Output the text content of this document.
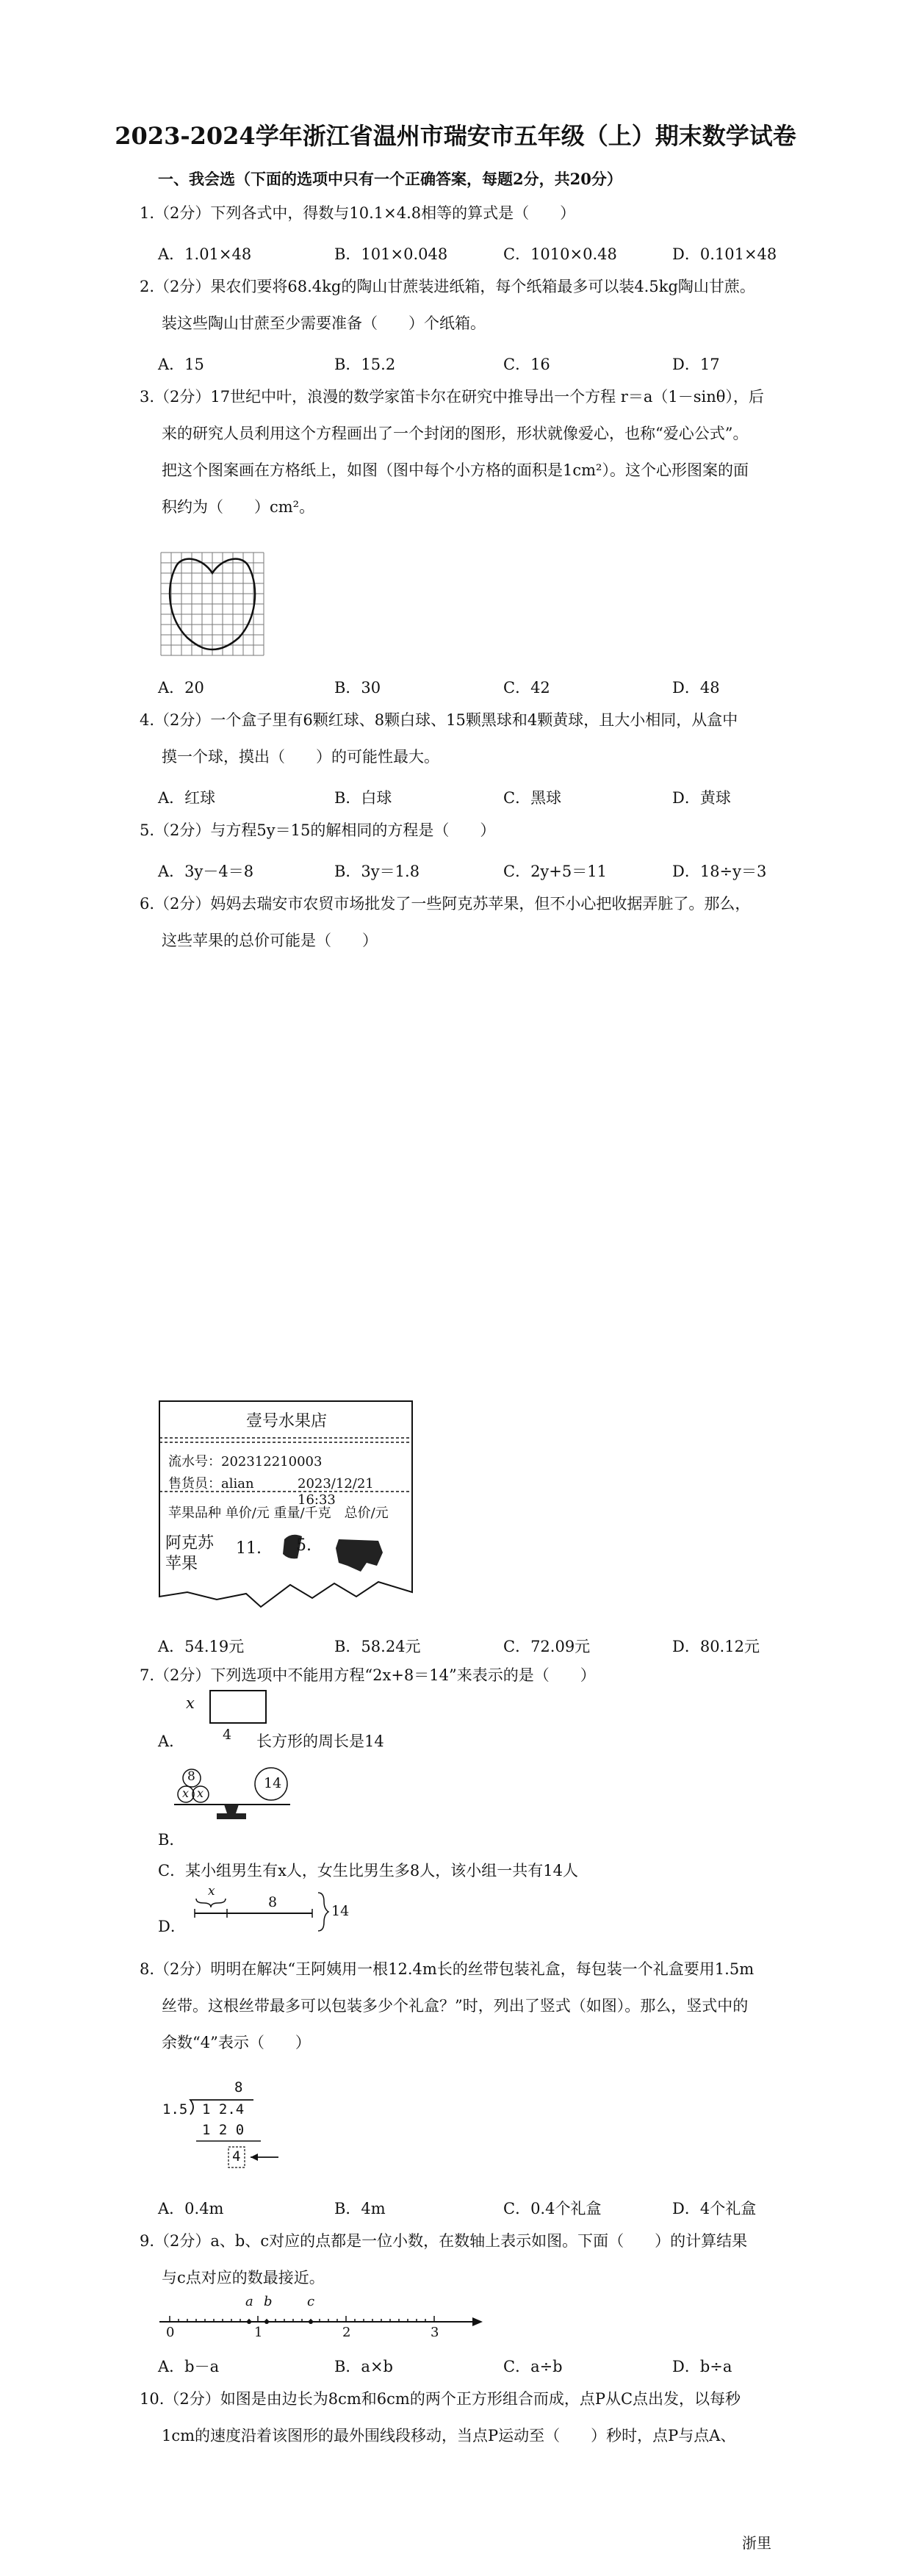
2023-2024学年浙江省温州市瑞安市五年级（上）期末数学试卷
一、我会选（下面的选项中只有一个正确答案，每题2分，共20分）

1.（2分）下列各式中，得数与10.1×4.8相等的算式是（　　）

A．1.01×48	B．101×0.048	C．1010×0.48	D．0.101×48

2.（2分）果农们要将68.4kg的陶山甘蔗装进纸箱，每个纸箱最多可以装4.5kg陶山甘蔗。

装这些陶山甘蔗至少需要准备（　　）个纸箱。

A．15	B．15.2	C．16	D．17

3.（2分）17世纪中叶，浪漫的数学家笛卡尔在研究中推导出一个方程 r＝a（1－sinθ），后

来的研究人员利用这个方程画出了一个封闭的图形，形状就像爱心，也称“爱心公式”。

把这个图案画在方格纸上，如图（图中每个小方格的面积是1cm²）。这个心形图案的面

积约为（　　）cm²。

A．20	B．30	C．42	D．48

4.（2分）一个盒子里有6颗红球、8颗白球、15颗黑球和4颗黄球，且大小相同，从盒中

摸一个球，摸出（　　）的可能性最大。

A．红球	B．白球	C．黑球	D．黄球

5.（2分）与方程5y＝15的解相同的方程是（　　）

A．3y－4＝8	B．3y＝1.8	C．2y+5＝11	D．18÷y＝3

6.（2分）妈妈去瑞安市农贸市场批发了一些阿克苏苹果，但不小心把收据弄脏了。那么，

这些苹果的总价可能是（　　）

壹号水果店
流水号：202312210003
售货员：alian	2023/12/21　16:33
苹果品种 单价/元 重量/千克　总价/元
阿克苏
苹果
11. 5.
A．54.19元	B．58.24元	C．72.09元	D．80.12元

7.（2分）下列选项中不能用方程“2x+8＝14”来表示的是（　　）

x
A．	4 长方形的周长是14
8
x x
14
B．
C．某小组男生有x人，女生比男生多8人，该小组一共有14人
D．
x
8
14

8.（2分）明明在解决“王阿姨用一根12.4m长的丝带包装礼盒，每包装一个礼盒要用1.5m

丝带。这根丝带最多可以包装多少个礼盒？”时，列出了竖式（如图）。那么，竖式中的

余数“4”表示（　　）

8
1.5 1 2.4
1 2 0
4
A．0.4m	B．4m	C．0.4个礼盒	D．4个礼盒

9.（2分）a、b、c对应的点都是一位小数，在数轴上表示如图。下面（　　）的计算结果

与c点对应的数最接近。

a b	c
0	1	2	3
A．b－a	B．a×b	C．a÷b	D．b÷a

10.（2分）如图是由边长为8cm和6cm的两个正方形组合而成，点P从C点出发，以每秒

1cm的速度沿着该图形的最外围线段移动，当点P运动至（　　）秒时，点P与点A、

浙里
